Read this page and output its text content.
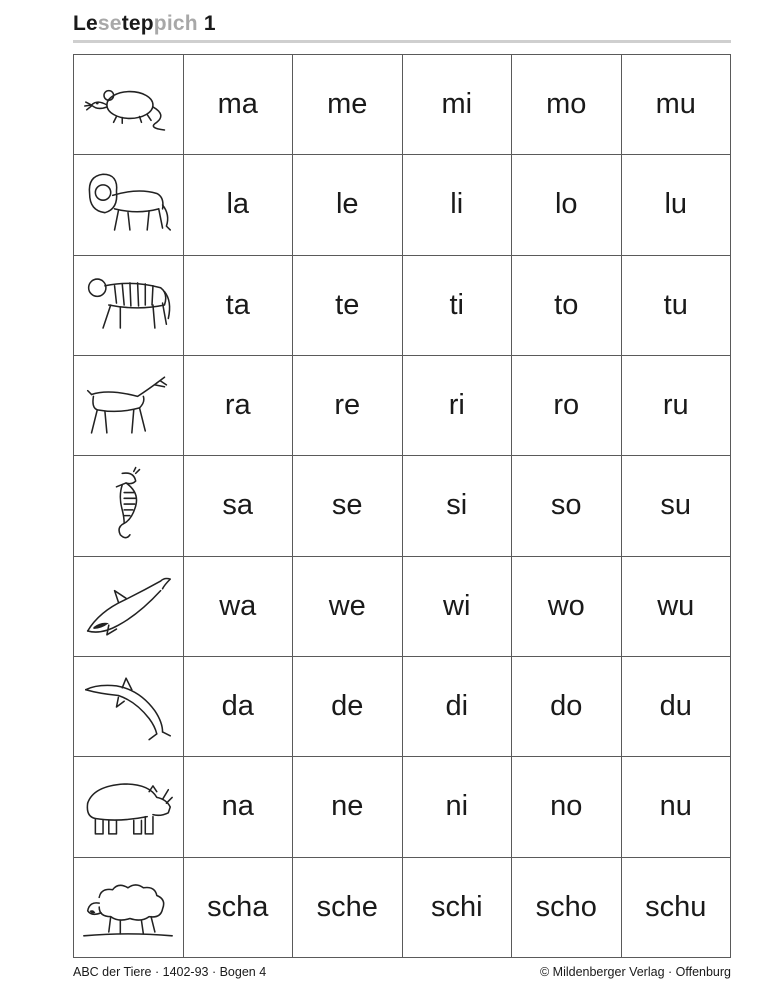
Leseteppich 1
ma	me	mi	mo	mu
la	le	li	lo	lu
ta	te	ti	to	tu
ra	re	ri	ro	ru
sa	se	si	so	su
wa	we	wi	wo	wu
da	de	di	do	du
na	ne	ni	no	nu
scha	sche	schi	scho	schu
ABC der Tiere · 1402-93 · Bogen 4	© Mildenberger Verlag · Offenburg
